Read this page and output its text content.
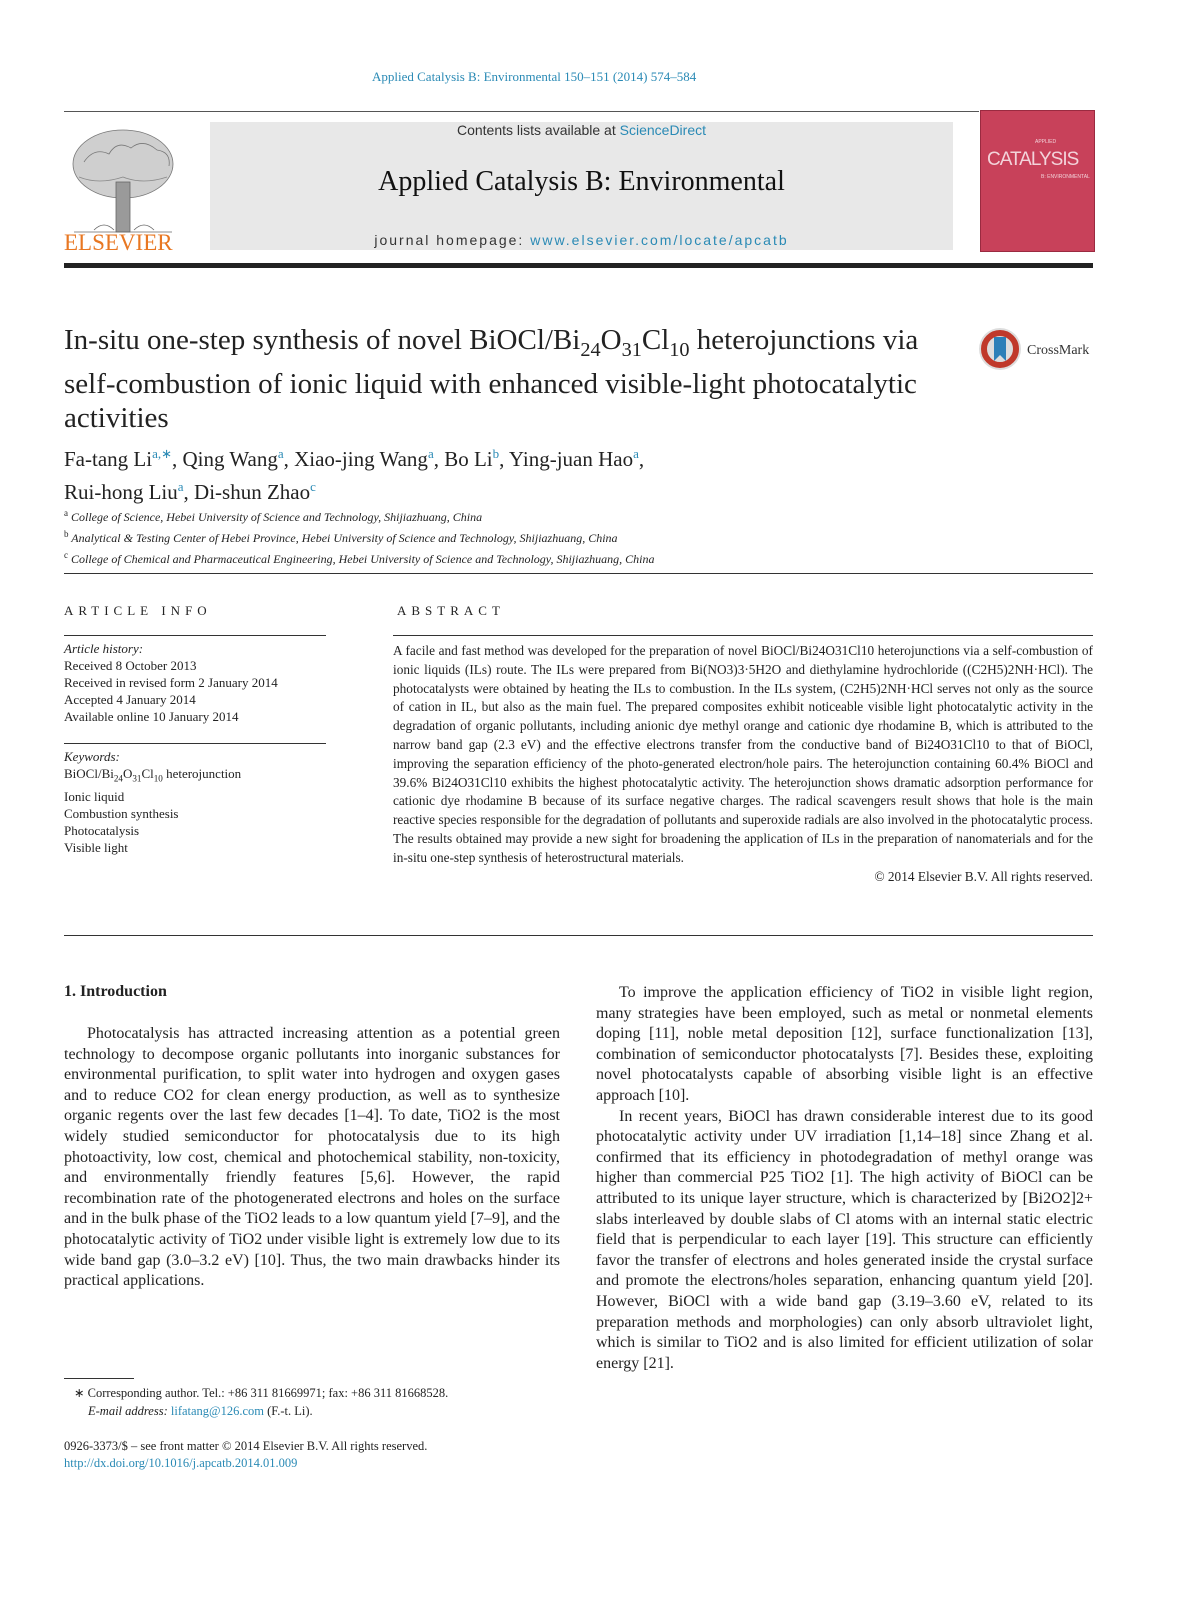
Applied Catalysis B: Environmental 150–151 (2014) 574–584
ELSEVIER
Contents lists available at ScienceDirect
Applied Catalysis B: Environmental
journal homepage: www.elsevier.com/locate/apcatb
APPLIED
CATALYSIS
B: ENVIRONMENTAL
In-situ one-step synthesis of novel BiOCl/$Bi_{24}O_{31}Cl_{10}$ heterojunctions via self-combustion of ionic liquid with enhanced visible-light photocatalytic activities
CrossMark
Fa-tang $Li^{a,∗}$, Qing Wang$^a$, Xiao-jing Wang$^a$, Bo Li$^b$, Ying-juan Hao$^a$,
Rui-hong Liu$^a$, Di-shun Zhao$^c$
$^a$ College of Science, Hebei University of Science and Technology, Shijiazhuang, China
$^b$ Analytical & Testing Center of Hebei Province, Hebei University of Science and Technology, Shijiazhuang, China
$^c$ College of Chemical and Pharmaceutical Engineering, Hebei University of Science and Technology, Shijiazhuang, China
ARTICLE INFO
Article history:
Received 8 October 2013
Received in revised form 2 January 2014
Accepted 4 January 2014
Available online 10 January 2014
Keywords:
BiOCl/$Bi_{24}O_{31}Cl_{10}$ heterojunction
Ionic liquid
Combustion synthesis
Photocatalysis
Visible light
ABSTRACT

A facile and fast method was developed for the preparation of novel BiOCl/Bi24O31Cl10 heterojunctions via a self-combustion of ionic liquids (ILs) route. The ILs were prepared from Bi(NO3)3·5H2O and diethylamine hydrochloride ((C2H5)2NH·HCl). The photocatalysts were obtained by heating the ILs to combustion. In the ILs system, (C2H5)2NH·HCl serves not only as the source of cation in IL, but also as the main fuel. The prepared composites exhibit noticeable visible light photocatalytic activity in the degradation of organic pollutants, including anionic dye methyl orange and cationic dye rhodamine B, which is attributed to the narrow band gap (2.3 eV) and the effective electrons transfer from the conductive band of Bi24O31Cl10 to that of BiOCl, improving the separation efficiency of the photo-generated electron/hole pairs. The heterojunction containing 60.4% BiOCl and 39.6% Bi24O31Cl10 exhibits the highest photocatalytic activity. The heterojunction shows dramatic adsorption performance for cationic dye rhodamine B because of its surface negative charges. The radical scavengers result shows that hole is the main reactive species responsible for the degradation of pollutants and superoxide radials are also involved in the photocatalytic process. The results obtained may provide a new sight for broadening the application of ILs in the preparation of nanomaterials and for the in-situ one-step synthesis of heterostructural materials.

© 2014 Elsevier B.V. All rights reserved.
1. Introduction

Photocatalysis has attracted increasing attention as a potential green technology to decompose organic pollutants into inorganic substances for environmental purification, to split water into hydrogen and oxygen gases and to reduce CO2 for clean energy production, as well as to synthesize organic regents over the last few decades [1–4]. To date, TiO2 is the most widely studied semiconductor for photocatalysis due to its high photoactivity, low cost, chemical and photochemical stability, non-toxicity, and environmentally friendly features [5,6]. However, the rapid recombination rate of the photogenerated electrons and holes on the surface and in the bulk phase of the TiO2 leads to a low quantum yield [7–9], and the photocatalytic activity of TiO2 under visible light is extremely low due to its wide band gap (3.0–3.2 eV) [10]. Thus, the two main drawbacks hinder its practical applications.

To improve the application efficiency of TiO2 in visible light region, many strategies have been employed, such as metal or nonmetal elements doping [11], noble metal deposition [12], surface functionalization [13], combination of semiconductor photocatalysts [7]. Besides these, exploiting novel photocatalysts capable of absorbing visible light is an effective approach [10].

In recent years, BiOCl has drawn considerable interest due to its good photocatalytic activity under UV irradiation [1,14–18] since Zhang et al. confirmed that its efficiency in photodegradation of methyl orange was higher than commercial P25 TiO2 [1]. The high activity of BiOCl can be attributed to its unique layer structure, which is characterized by [Bi2O2]2+ slabs interleaved by double slabs of Cl atoms with an internal static electric field that is perpendicular to each layer [19]. This structure can efficiently favor the transfer of electrons and holes generated inside the crystal surface and promote the electrons/holes separation, enhancing quantum yield [20]. However, BiOCl with a wide band gap (3.19–3.60 eV, related to its preparation methods and morphologies) can only absorb ultraviolet light, which is similar to TiO2 and is also limited for efficient utilization of solar energy [21].

∗ Corresponding author. Tel.: +86 311 81669971; fax: +86 311 81668528.
E-mail address: lifatang@126.com (F.-t. Li).
0926-3373/$ – see front matter © 2014 Elsevier B.V. All rights reserved.
http://dx.doi.org/10.1016/j.apcatb.2014.01.009
